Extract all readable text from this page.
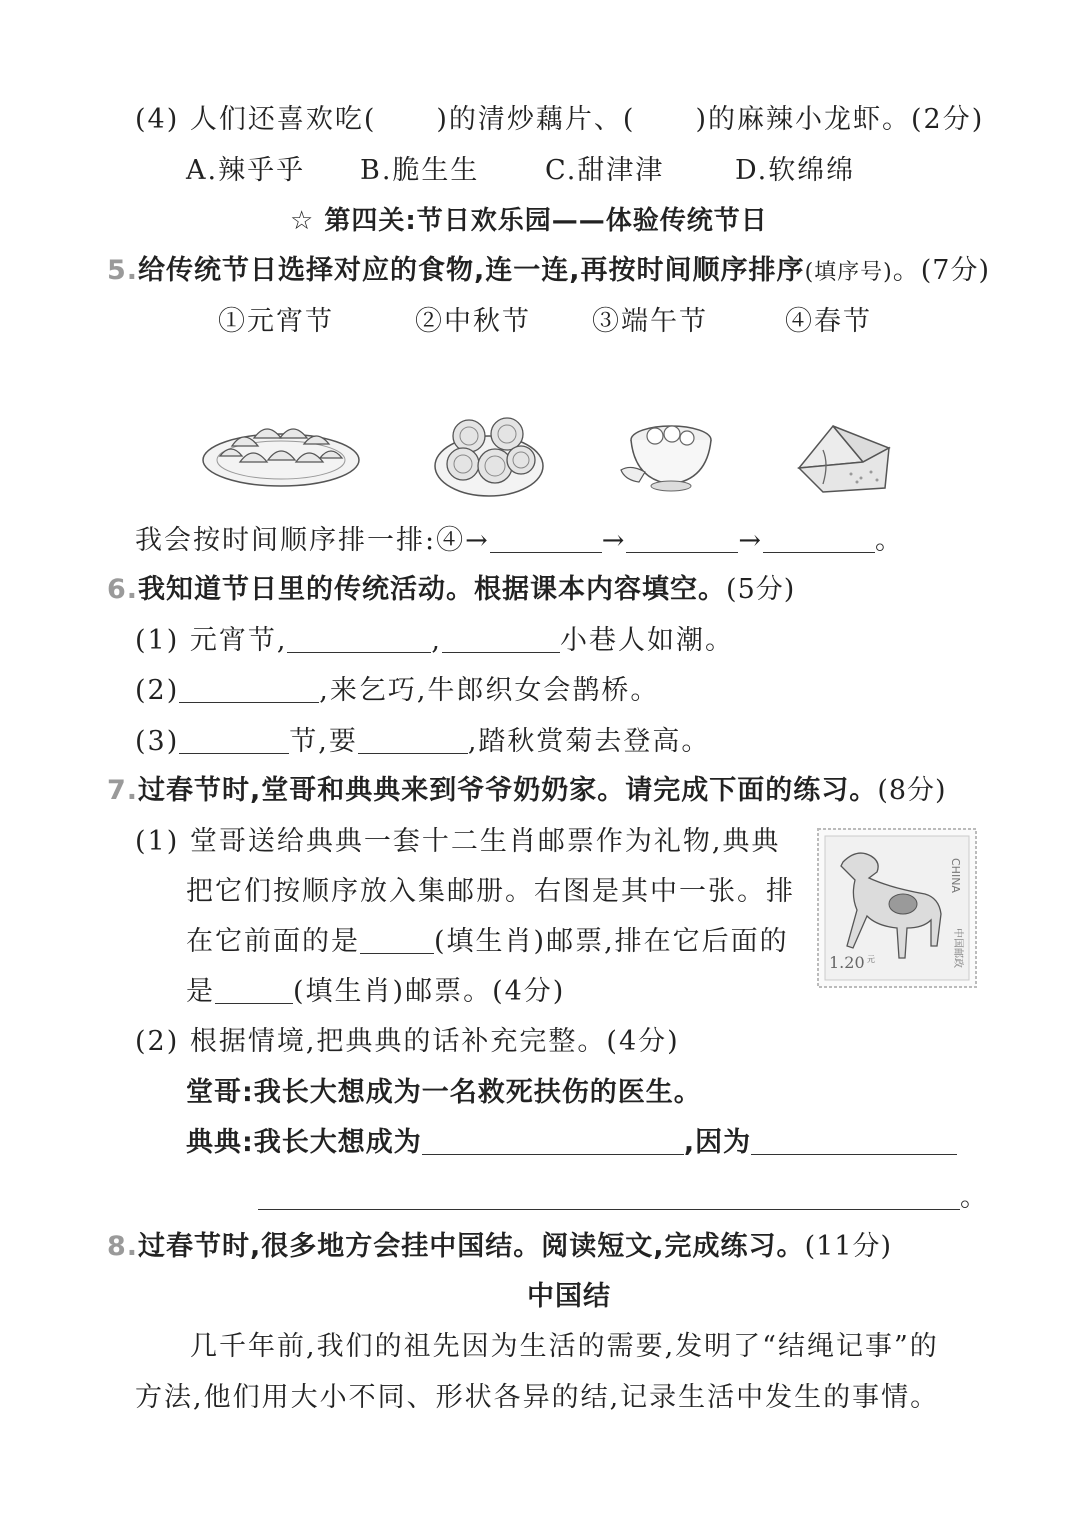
(4) 人们还喜欢吃( )的清炒藕片、( )的麻辣小龙虾。(2分)
A.辣乎乎 B.脆生生 C.甜津津	D.软绵绵
☆ 第四关:节日欢乐园——体验传统节日
5.给传统节日选择对应的食物,连一连,再按时间顺序排序(填序号)。(7分)
①元宵节	②中秋节 ③端午节	④春节
我会按时间顺序排一排:④→	→	→	。
6.我知道节日里的传统活动。根据课本内容填空。(5分)
(1) 元宵节,	,	小巷人如潮。
(2)	,来乞巧,牛郎织女会鹊桥。
(3)	节,要	,踏秋赏菊去登高。
7.过春节时,堂哥和典典来到爷爷奶奶家。请完成下面的练习。(8分)
(1) 堂哥送给典典一套十二生肖邮票作为礼物,典典
把它们按顺序放入集邮册。右图是其中一张。排
在它前面的是	(填生肖)邮票,排在它后面的
是	(填生肖)邮票。(4分)
CHINA
中国邮政
1.20 元
(2) 根据情境,把典典的话补充完整。(4分)
堂哥:我长大想成为一名救死扶伤的医生。
典典:我长大想成为	,因为
。
8.过春节时,很多地方会挂中国结。阅读短文,完成练习。(11分)
中国结
几千年前,我们的祖先因为生活的需要,发明了“结绳记事”的
方法,他们用大小不同、形状各异的结,记录生活中发生的事情。
